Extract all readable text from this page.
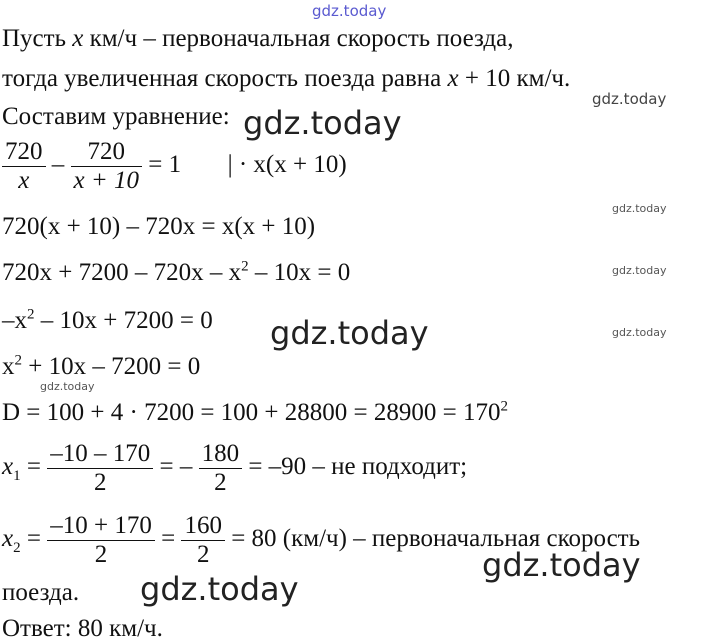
gdz.today
gdz.today
gdz.today
gdz.today
gdz.today
gdz.today	gdz.today
gdz.today
gdz.today
gdz.today
Пусть x км/ч – первоначальная скорость поезда,
тогда увеличенная скорость поезда равна x + 10 км/ч.
Составим уравнение:
$\frac{720}{x} - \frac{720}{x + 10} = 1$ | · x(x + 10)
720(x + 10) – 720x = x(x + 10)
$720x + 7200 - 720x - x^2 - 10x = 0$
$-x^2 - 10x + 7200 = 0$
$x^2 + 10x - 7200 = 0$
$D = 100 + 4 \cdot 7200 = 100 + 28800 = 28900 = 170^2$
$x_1 = \frac{-10 - 170}{2}$ = – $\frac{180}{2} = -90$ – не подходит;
$x_2 = \frac{-10 + 170}{2} = \frac{160}{2} = 80$ (км/ч) – первоначальная скорость
поезда.
Ответ: 80 км/ч.
